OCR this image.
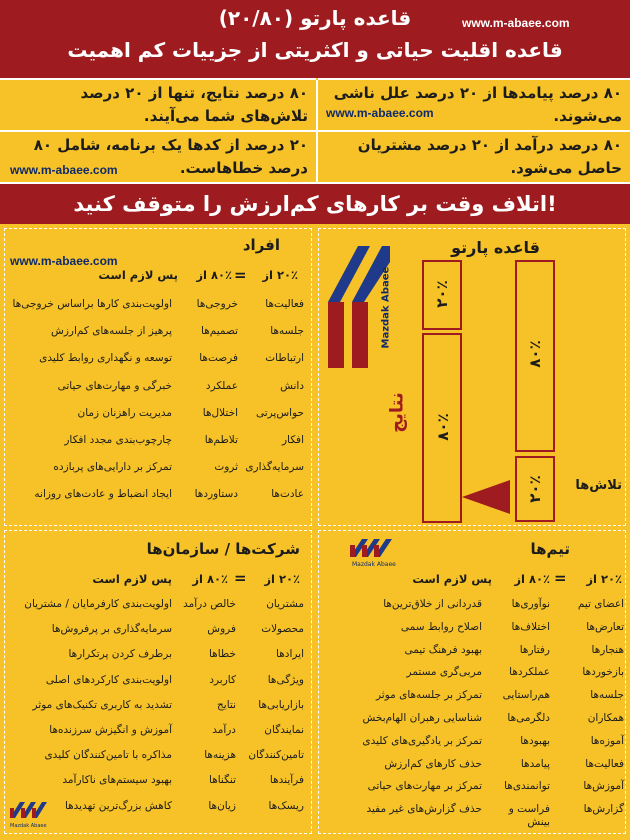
قاعده پارتو (۲۰/۸۰)
قاعده اقلیت حیاتی و اکثریتی از جزییات کم اهمیت
www.m-abaee.com
۸۰ درصد پیامدها از ۲۰ درصد علل ناشی می‌شوند.
۸۰ درصد نتایج، تنها از ۲۰ درصد تلاش‌های شما می‌آیند.
۸۰ درصد درآمد از ۲۰ درصد مشتریان حاصل می‌شود.
۲۰ درصد از کدها یک برنامه، شامل ۸۰ درصد خطاهاست.
www.m-abaee.com
www.m-abaee.com
اتلاف وقت بر کارهای کم‌ارزش را متوقف کنید!
قاعده پارتو
۸۰٪
۸۰٪
۲۰٪
۲۰٪	تلاش‌ها
نتایج
Mazdak Abaee
افراد
www.m-abaee.com
۲۰٪ از
=
۸۰٪ از
پس لازم است
فعالیت‌ها
خروجی‌ها
اولویت‌بندی کارها براساس خروجی‌ها
جلسه‌ها
تصمیم‌ها
پرهیز از جلسه‌های کم‌ارزش
ارتباطات
فرصت‌ها
توسعه و نگهداری روابط کلیدی
دانش
عملکرد
خبرگی و مهارت‌های حیاتی
حواس‌پرتی
اختلال‌ها
مدیریت راهزنان زمان
افکار
تلاطم‌ها
چارچوب‌بندی مجدد افکار
سرمایه‌گذاری
ثروت
تمرکز بر دارایی‌های پربازده
عادت‌ها
دستاوردها
ایجاد انضباط و عادت‌های روزانه
تیم‌ها
Mazdak Abaee
۲۰٪ از
=
۸۰٪ از
پس لازم است
اعضای تیم
نوآوری‌ها
قدردانی از خلاق‌ترین‌ها
تعارض‌ها
اختلاف‌ها
اصلاح روابط سمی
هنجارها
رفتارها
بهبود فرهنگ تیمی
بازخوردها
عملکردها
مربی‌گری مستمر
جلسه‌ها
هم‌راستایی
تمرکز بر جلسه‌های موثر
همکاران
دلگرمی‌ها
شناسایی رهبران الهام‌بخش
آموزه‌ها
بهبودها
تمرکز بر یادگیری‌های کلیدی
فعالیت‌ها
پیامدها
حذف کارهای کم‌ارزش
آموزش‌ها
توانمندی‌ها
تمرکز بر مهارت‌های حیاتی
گزارش‌ها
فراست و بینش
حذف گزارش‌های غیر مفید
شرکت‌ها / سازمان‌ها
۲۰٪ از
=
۸۰٪ از
پس لازم است
مشتریان
خالص درآمد
اولویت‌بندی کارفرمایان / مشتریان
محصولات
فروش
سرمایه‌گذاری بر پرفروش‌ها
ایرادها
خطاها
برطرف کردن پرتکرارها
ویژگی‌ها
کاربرد
اولویت‌بندی کارکردهای اصلی
بازاریابی‌ها
نتایج
تشدید به کاربری تکنیک‌های موثر
نمایندگان
درآمد
آموزش و انگیزش سرزنده‌ها
تامین‌کنندگان
هزینه‌ها
مذاکره با تامین‌کنندگان کلیدی
فرآیندها
تنگناها
بهبود سیستم‌های ناکارآمد
ریسک‌ها
زیان‌ها
کاهش بزرگ‌ترین تهدیدها
Mazdak Abaee
